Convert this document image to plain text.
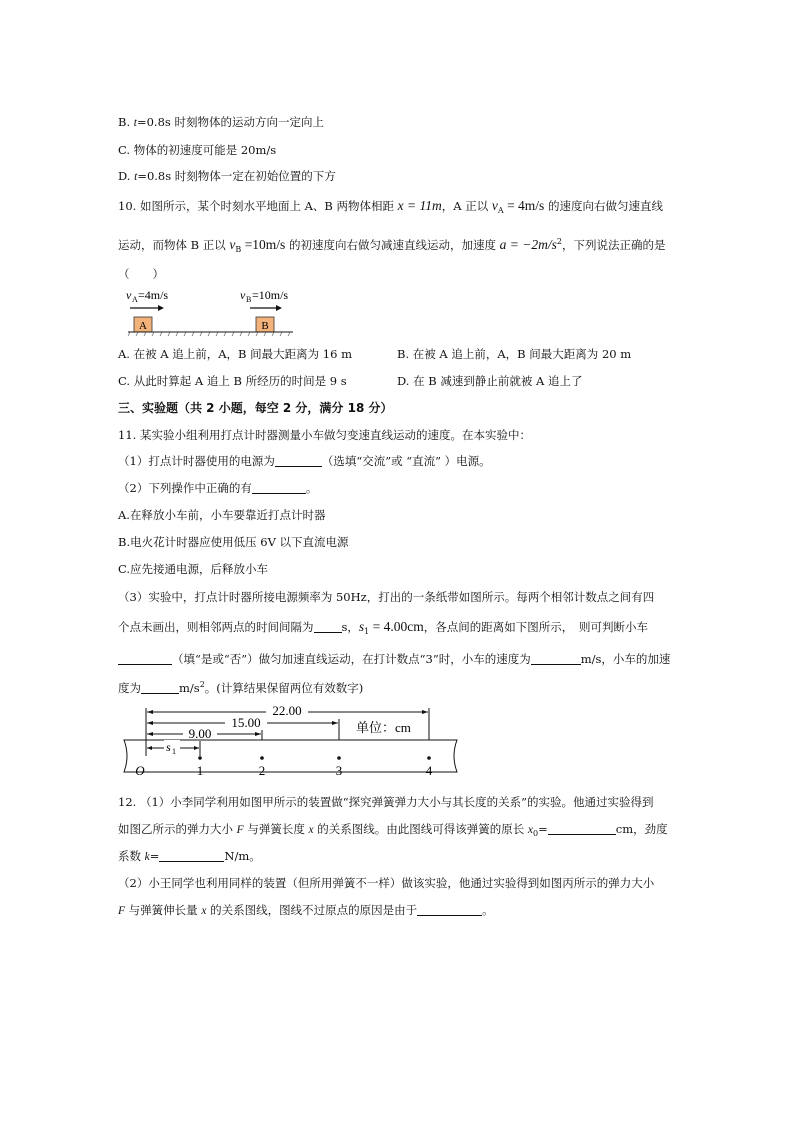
B. t=0.8s 时刻物体的运动方向一定向上
C. 物体的初速度可能是 20m/s
D. t=0.8s 时刻物体一定在初始位置的下方
10. 如图所示，某个时刻水平地面上 A、B 两物体相距 x = 11m，A 正以 $v_A = 4m/s$ 的速度向右做匀速直线
运动，而物体 B 正以 $v_B =10m/s$ 的初速度向右做匀减速直线运动，加速度 $a = -2m/s^2$，下列说法正确的是
（　　）
v A =4m/s	v B =10m/s
A	B
A. 在被 A 追上前，A，B 间最大距离为 16 m	B. 在被 A 追上前，A，B 间最大距离为 20 m
C. 从此时算起 A 追上 B 所经历的时间是 9 s	D. 在 B 减速到静止前就被 A 追上了
三、实验题（共 2 小题，每空 2 分，满分 18 分）
11. 某实验小组利用打点计时器测量小车做匀变速直线运动的速度。在本实验中：
（1）打点计时器使用的电源为	（选填“交流”或 “直流” ）电源。
（2）下列操作中正确的有	。
A.在释放小车前，小车要靠近打点计时器
B.电火花计时器应使用低压 6V 以下直流电源
C.应先接通电源，后释放小车
（3）实验中，打点计时器所接电源频率为 50Hz，打出的一条纸带如图所示。每两个相邻计数点之间有四
个点未画出，则相邻两点的时间间隔为 s，$s_1 = 4.00cm$，各点间的距离如下图所示，　则可判断小车
（填“是或“否”）做匀加速直线运动，在打计数点“3”时，小车的速度为	m/s，小车的加速
度为	$m/s^2$。(计算结果保留两位有效数字)
22.00
15.00
9.00	单位：cm
s 1
O	1	2	3	4
12. （1）小李同学利用如图甲所示的装置做“探究弹簧弹力大小与其长度的关系”的实验。他通过实验得到
如图乙所示的弹力大小 F 与弹簧长度 x 的关系图线。由此图线可得该弹簧的原长 $x_0=$	cm，劲度
系数 k=	N/m。
（2）小王同学也利用同样的装置（但所用弹簧不一样）做该实验，他通过实验得到如图丙所示的弹力大小
F 与弹簧伸长量 x 的关系图线，图线不过原点的原因是由于	。
